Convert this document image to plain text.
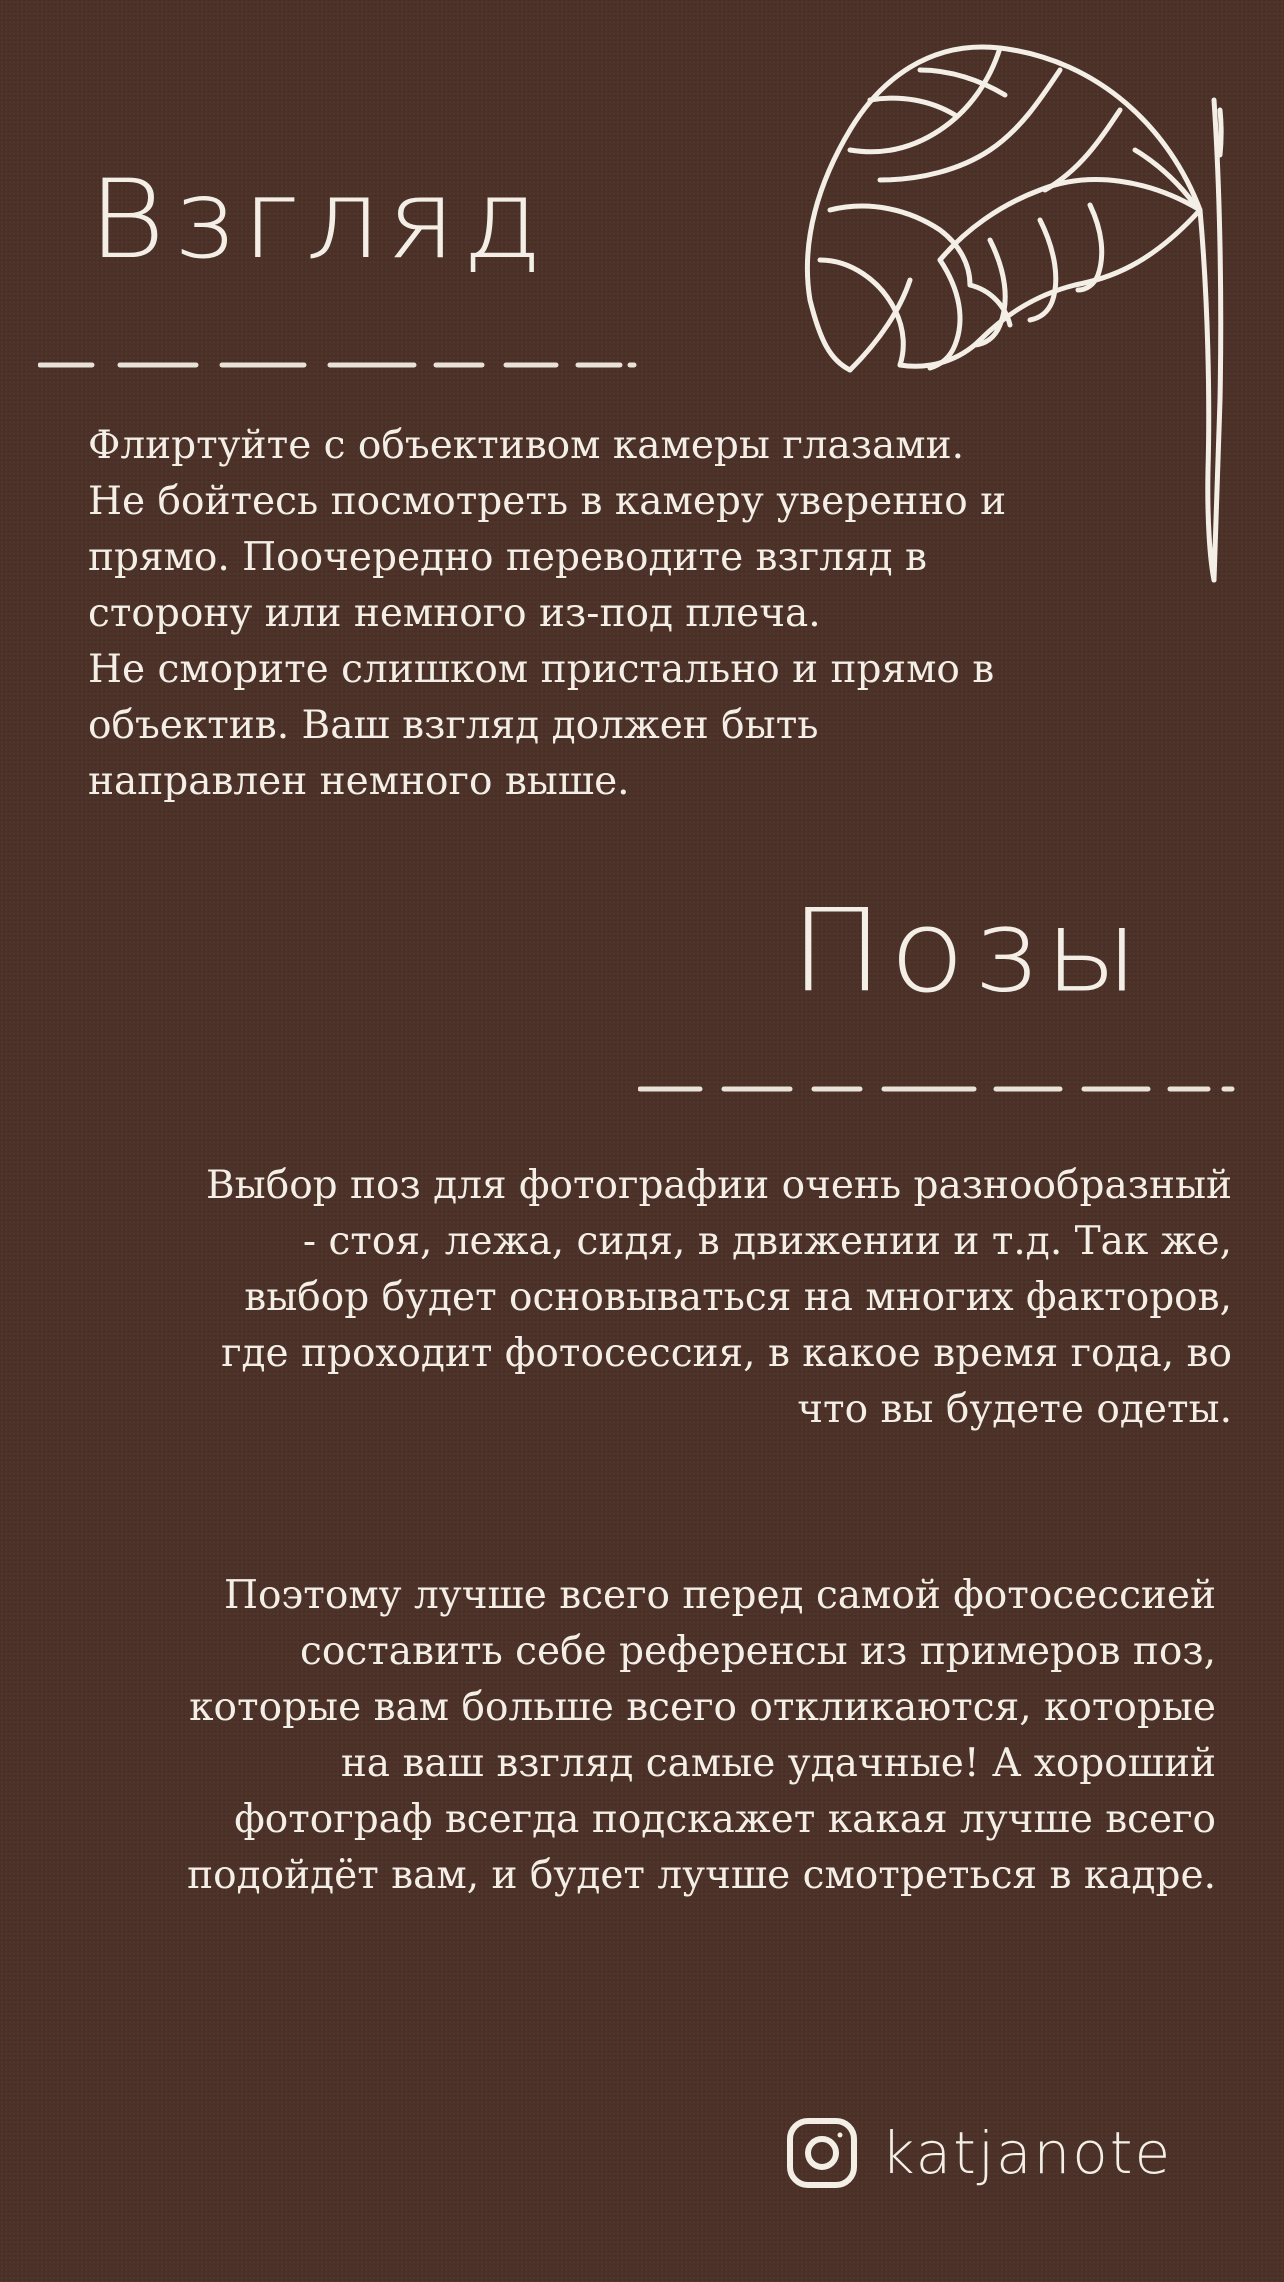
Взгляд
Флиртуйте с объективом камеры глазами.
Не бойтесь посмотреть в камеру уверенно и
прямо. Поочередно переводите взгляд в
сторону или немного из-под плеча.
Не сморите слишком пристально и прямо в
объектив. Ваш взгляд должен быть
направлен немного выше.
Позы
Выбор поз для фотографии очень разнообразный
- стоя, лежа, сидя, в движении и т.д. Так же,
выбор будет основываться на многих факторов,
где проходит фотосессия, в какое время года, во
что вы будете одеты.
Поэтому лучше всего перед самой фотосессией
составить себе референсы из примеров поз,
которые вам больше всего откликаются, которые
на ваш взгляд самые удачные! А хороший
фотограф всегда подскажет какая лучше всего
подойдёт вам, и будет лучше смотреться в кадре.
katjanote
